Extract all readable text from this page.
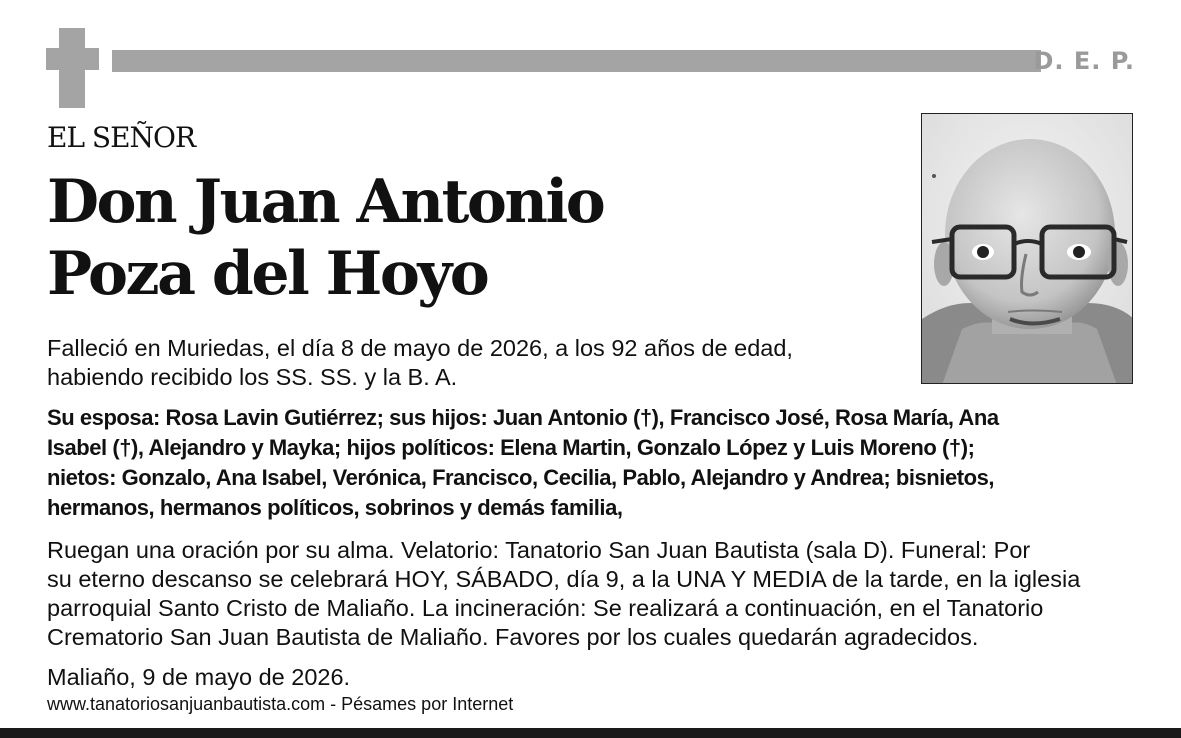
D. E. P.
EL SEÑOR
Don Juan Antonio
Poza del Hoyo
Falleció en Muriedas, el día 8 de mayo de 2026, a los 92 años de edad,
habiendo recibido los SS. SS. y la B. A.
Su esposa: Rosa Lavin Gutiérrez; sus hijos: Juan Antonio (†), Francisco José, Rosa María, Ana
Isabel (†), Alejandro y Mayka; hijos políticos: Elena Martin, Gonzalo López y Luis Moreno (†);
nietos: Gonzalo, Ana Isabel, Verónica, Francisco, Cecilia, Pablo, Alejandro y Andrea; bisnietos,
hermanos, hermanos políticos, sobrinos y demás familia,
Ruegan una oración por su alma. Velatorio: Tanatorio San Juan Bautista (sala D). Funeral: Por
su eterno descanso se celebrará HOY, SÁBADO, día 9, a la UNA Y MEDIA de la tarde, en la iglesia
parroquial Santo Cristo de Maliaño. La incineración: Se realizará a continuación, en el Tanatorio
Crematorio San Juan Bautista de Maliaño. Favores por los cuales quedarán agradecidos.
Maliaño, 9 de mayo de 2026.
www.tanatoriosanjuanbautista.com - Pésames por Internet
